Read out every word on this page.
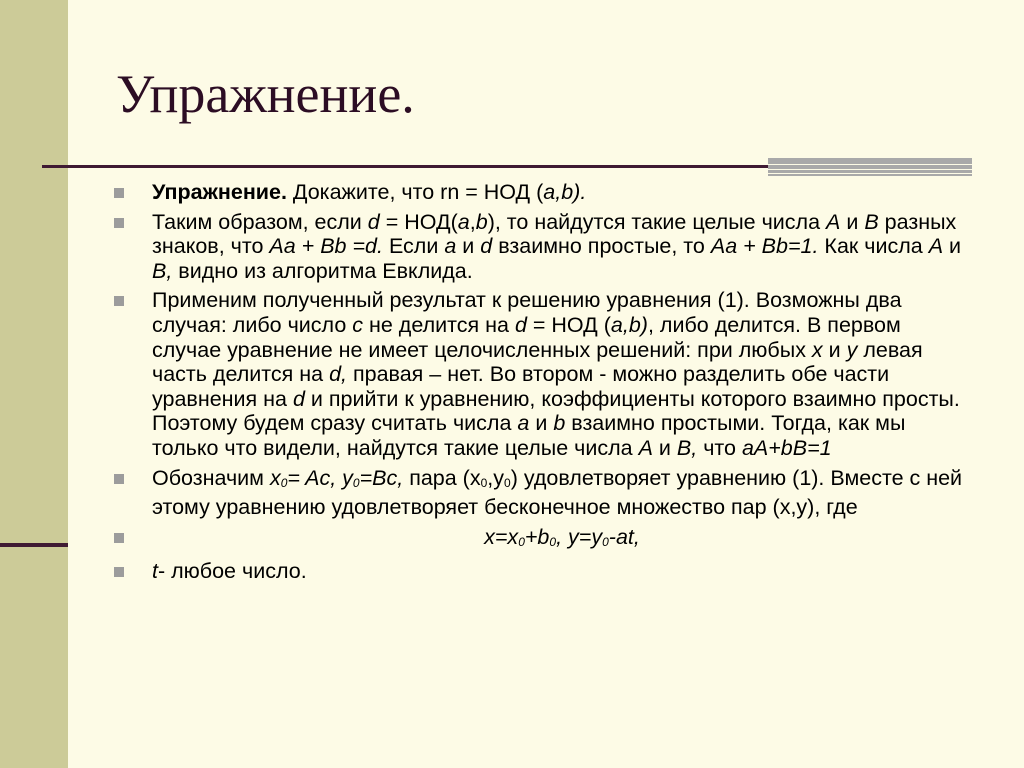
Упражнение.
Упражнение. Докажите, что rn = НОД (a,b).
Таким образом, если d = НОД(a,b), то найдутся такие целые числа A и B разных знаков, что Aa + Bb =d. Если a и d взаимно простые, то Aa + Bb=1. Как числа A и B, видно из алгоритма Евклида.
Применим полученный результат к решению уравнения (1). Возможны два случая: либо число c не делится на d = НОД (a,b), либо делится. В первом случае уравнение не имеет целочисленных решений: при любых x и y левая часть делится на d, правая – нет. Во втором - можно разделить обе части уравнения на d и прийти к уравнению, коэффициенты которого взаимно просты. Поэтому будем сразу считать числа a и b взаимно простыми. Тогда, как мы только что видели, найдутся такие целые числа A и B, что aA+bB=1
Обозначим x0= Ac, y0=Bc, пара (x0,y0) удовлетворяет уравнению (1). Вместе с ней этому уравнению удовлетворяет бесконечное множество пар (x,y), где
x=x0+b0, y=y0-at,
t- любое число.
